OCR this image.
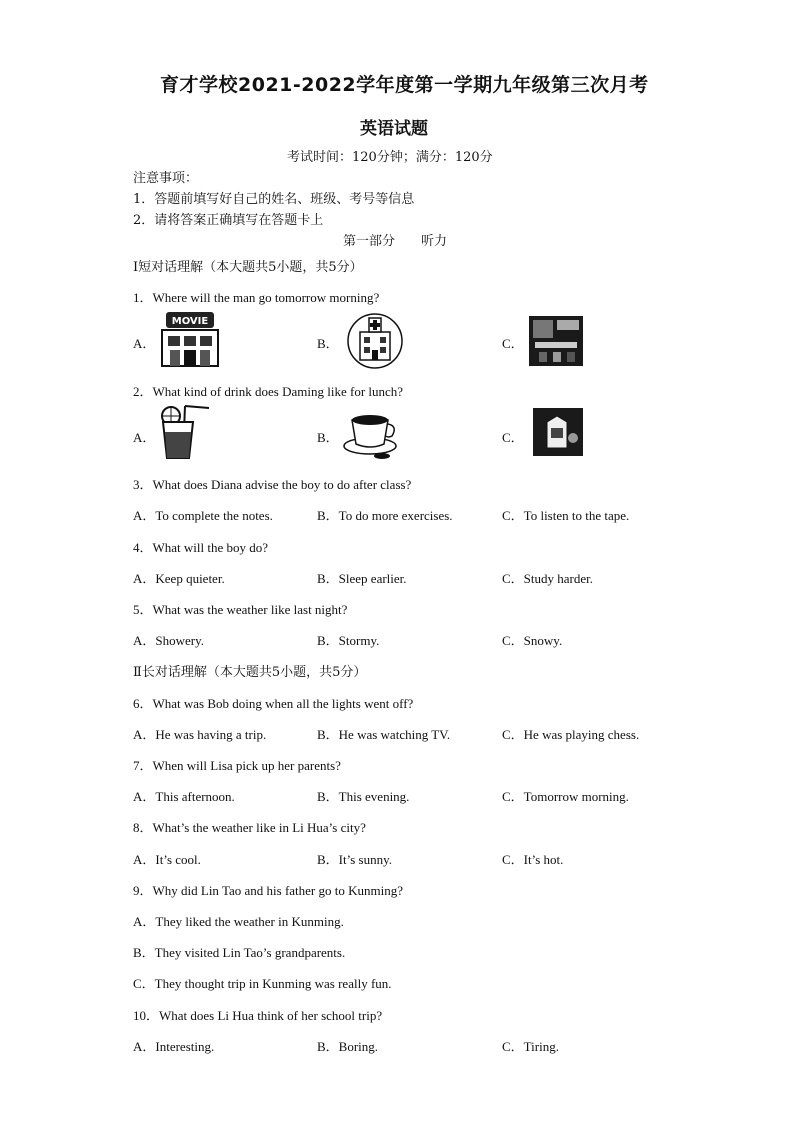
育才学校2021-2022学年度第一学期九年级第三次月考
英语试题
考试时间：120分钟；满分：120分
注意事项：
1．答题前填写好自己的姓名、班级、考号等信息
2．请将答案正确填写在答题卡上
第一部分　　听力
Ⅰ短对话理解（本大题共5小题，共5分）
1．Where will the man go tomorrow morning?
A．
MOVIE
B．	C．
2．What kind of drink does Daming like for lunch?
A．	B．	C．
3．What does Diana advise the boy to do after class?
A．To complete the notes.	B．To do more exercises.	C．To listen to the tape.
4．What will the boy do?
A．Keep quieter.	B．Sleep earlier.	C．Study harder.
5．What was the weather like last night?
A．Showery.	B．Stormy.	C．Snowy.
Ⅱ长对话理解（本大题共5小题，共5分）
6．What was Bob doing when all the lights went off?
A．He was having a trip.	B．He was watching TV.	C．He was playing chess.
7．When will Lisa pick up her parents?
A．This afternoon.	B．This evening.	C．Tomorrow morning.
8．What’s the weather like in Li Hua’s city?
A．It’s cool.	B．It’s sunny.	C．It’s hot.
9．Why did Lin Tao and his father go to Kunming?
A．They liked the weather in Kunming.
B．They visited Lin Tao’s grandparents.
C．They thought trip in Kunming was really fun.
10．What does Li Hua think of her school trip?
A．Interesting.	B．Boring.	C．Tiring.
